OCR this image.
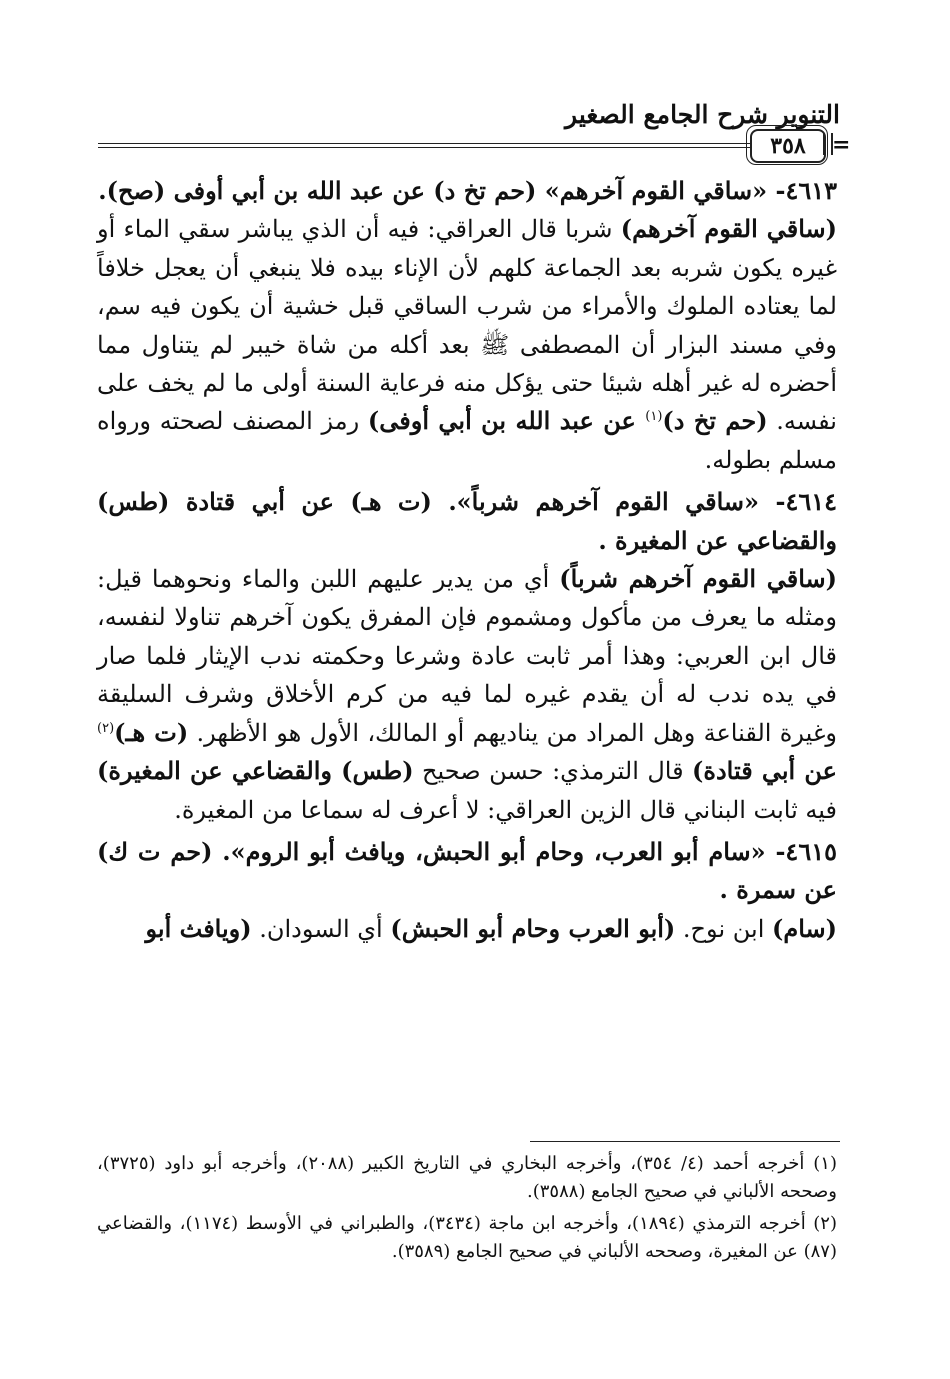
التنوير شرح الجامع الصغير
٣٥٨	=

٤٦١٣- «ساقي القوم آخرهم» (حم تخ د) عن عبد الله بن أبي أوفى (صح).

(ساقي القوم آخرهم) شربا قال العراقي: فيه أن الذي يباشر سقي الماء أو غيره يكون شربه بعد الجماعة كلهم لأن الإناء بيده فلا ينبغي أن يعجل خلافاً لما يعتاده الملوك والأمراء من شرب الساقي قبل خشية أن يكون فيه سم، وفي مسند البزار أن المصطفى ﷺ بعد أكله من شاة خيبر لم يتناول مما أحضره له غير أهله شيئا حتى يؤكل منه فرعاية السنة أولى ما لم يخف على نفسه. (حم تخ د)$^{(١)}$ عن عبد الله بن أبي أوفى) رمز المصنف لصحته ورواه مسلم بطوله.

٤٦١٤- «ساقي القوم آخرهم شرباً». (ت هـ) عن أبي قتادة (طس) والقضاعي عن المغيرة .

(ساقي القوم آخرهم شرباً) أي من يدير عليهم اللبن والماء ونحوهما قيل: ومثله ما يعرف من مأكول ومشموم فإن المفرق يكون آخرهم تناولا لنفسه، قال ابن العربي: وهذا أمر ثابت عادة وشرعا وحكمته ندب الإيثار فلما صار في يده ندب له أن يقدم غيره لما فيه من كرم الأخلاق وشرف السليقة وغيرة القناعة وهل المراد من يناديهم أو المالك، الأول هو الأظهر. (ت هـ)$^{(٢)}$ عن أبي قتادة) قال الترمذي: حسن صحيح (طس) والقضاعي عن المغيرة) فيه ثابت البناني قال الزين العراقي: لا أعرف له سماعا من المغيرة.

٤٦١٥- «سام أبو العرب، وحام أبو الحبش، ويافث أبو الروم». (حم ت ك) عن سمرة .

(سام) ابن نوح. (أبو العرب وحام أبو الحبش) أي السودان. (ويافث أبو

(١) أخرجه أحمد (٤/ ٣٥٤)، وأخرجه البخاري في التاريخ الكبير (٢٠٨٨)، وأخرجه أبو داود (٣٧٢٥)، وصححه الألباني في صحيح الجامع (٣٥٨٨).

(٢) أخرجه الترمذي (١٨٩٤)، وأخرجه ابن ماجة (٣٤٣٤)، والطبراني في الأوسط (١١٧٤)، والقضاعي (٨٧) عن المغيرة، وصححه الألباني في صحيح الجامع (٣٥٨٩).
